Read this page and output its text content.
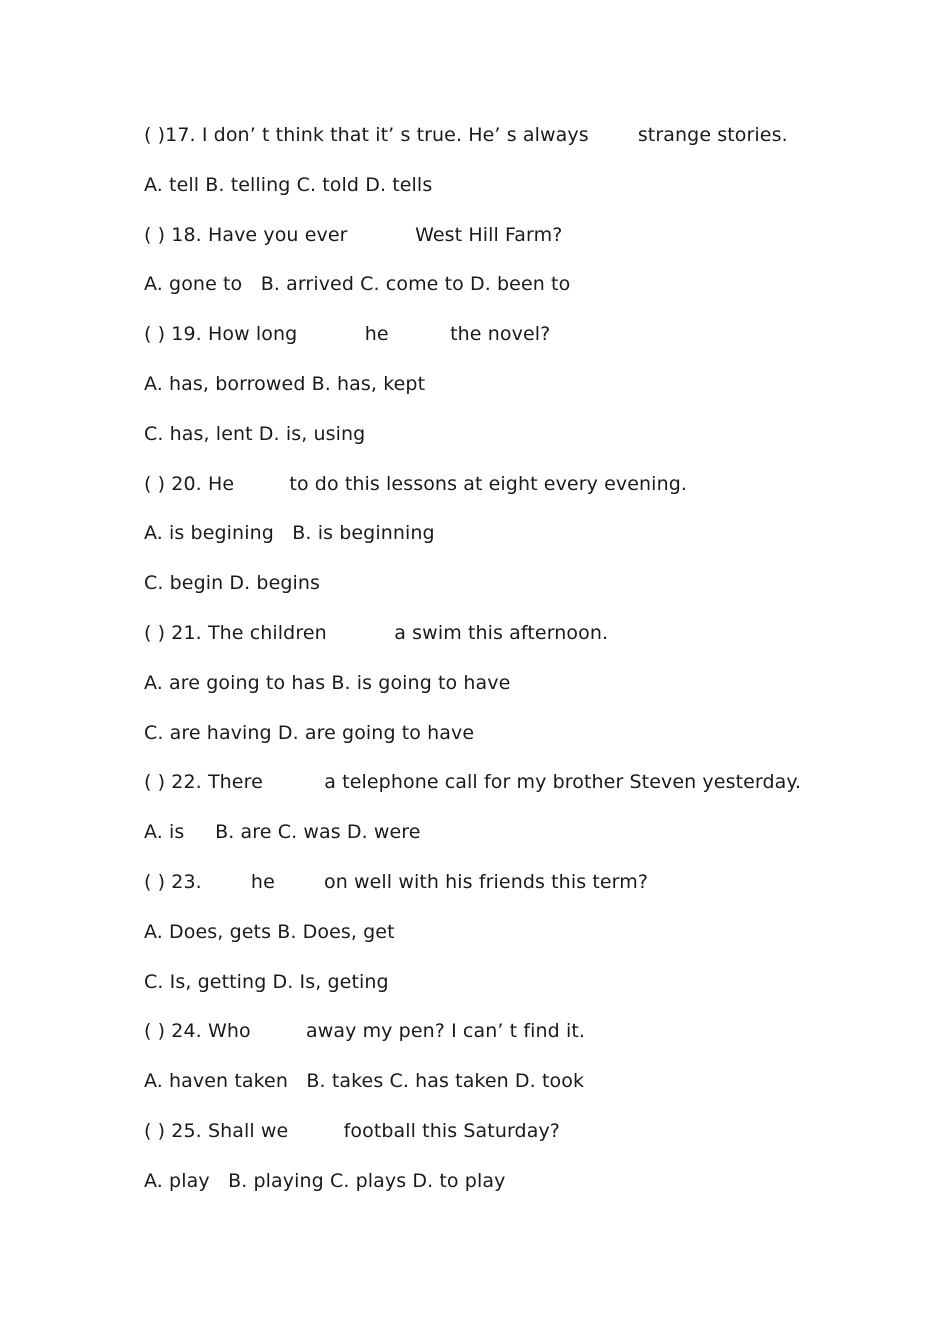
( )17. I don’ t think that it’ s true. He’ s always        strange stories.
A. tell B. telling C. told D. tells
( ) 18. Have you ever           West Hill Farm?
A. gone to   B. arrived C. come to D. been to
( ) 19. How long           he          the novel?
A. has, borrowed B. has, kept
C. has, lent D. is, using
( ) 20. He         to do this lessons at eight every evening.
A. is begining   B. is beginning
C. begin D. begins
( ) 21. The children           a swim this afternoon.
A. are going to has B. is going to have
C. are having D. are going to have
( ) 22. There          a telephone call for my brother Steven yesterday.
A. is     B. are C. was D. were
( ) 23.        he        on well with his friends this term?
A. Does, gets B. Does, get
C. Is, getting D. Is, geting
( ) 24. Who         away my pen? I can’ t find it.
A. haven taken   B. takes C. has taken D. took
( ) 25. Shall we         football this Saturday?
A. play   B. playing C. plays D. to play
